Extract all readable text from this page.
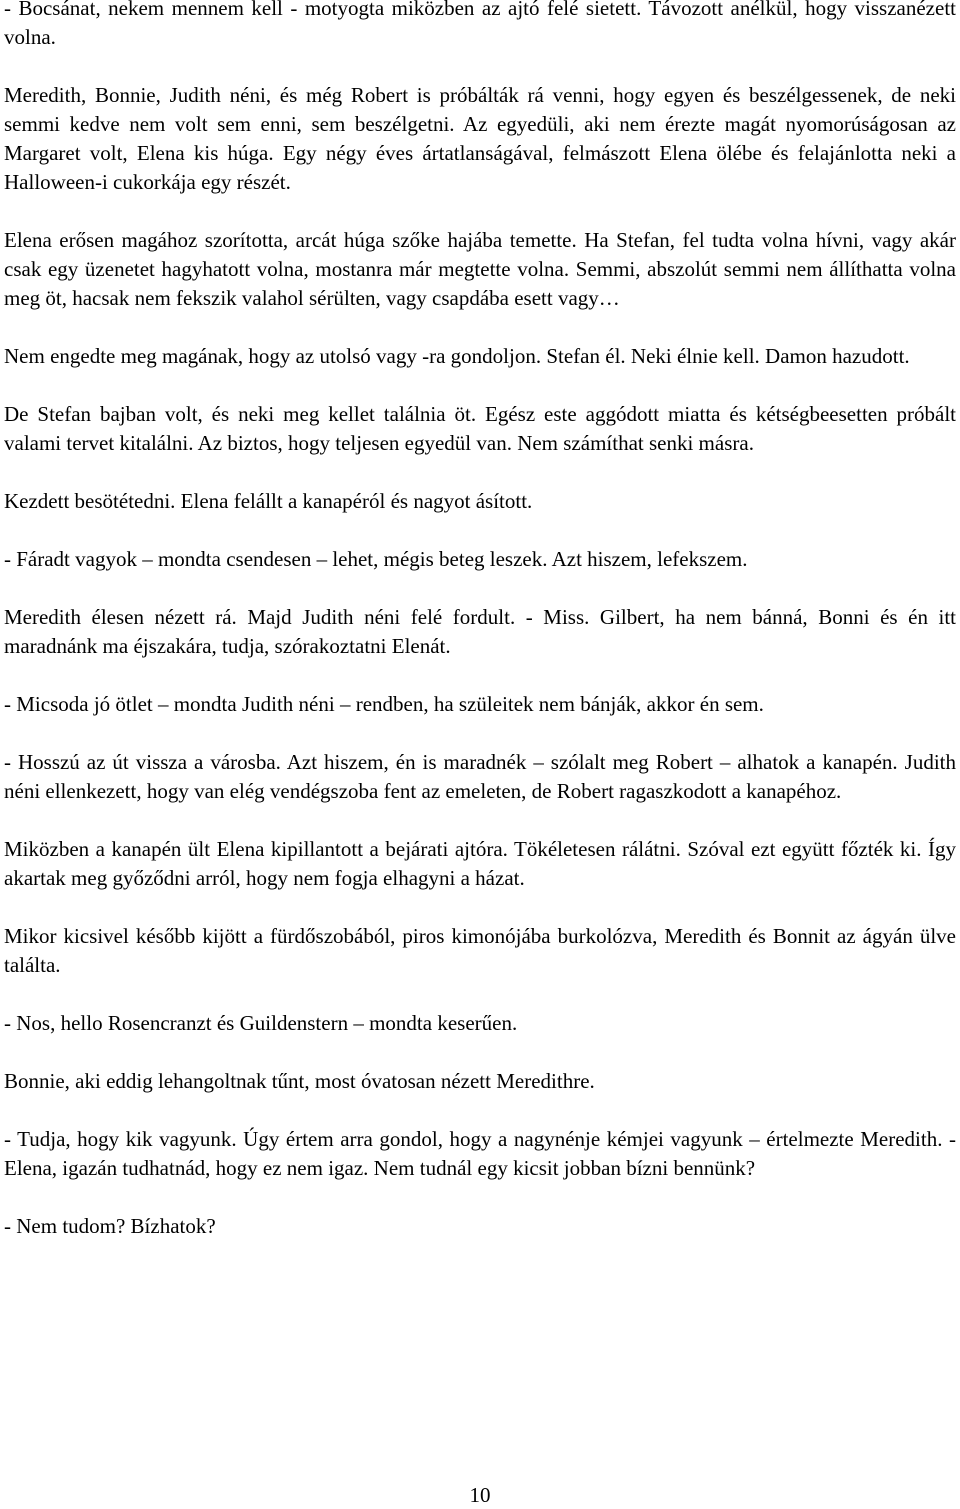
- Bocsánat, nekem mennem kell - motyogta miközben az ajtó felé sietett. Távozott anélkül, hogy visszanézett volna.

Meredith, Bonnie, Judith néni, és még Robert is próbálták rá venni, hogy egyen és beszélgessenek, de neki semmi kedve nem volt sem enni, sem beszélgetni. Az egyedüli, aki nem érezte magát nyomorúságosan az Margaret volt, Elena kis húga. Egy négy éves ártatlanságával, felmászott Elena ölébe és felajánlotta neki a Halloween-i cukorkája egy részét.

Elena erősen magához szorította, arcát húga szőke hajába temette. Ha Stefan, fel tudta volna hívni, vagy akár csak egy üzenetet hagyhatott volna, mostanra már megtette volna. Semmi, abszolút semmi nem állíthatta volna meg öt, hacsak nem fekszik valahol sérülten, vagy csapdába esett vagy…

Nem engedte meg magának, hogy az utolsó vagy -ra gondoljon. Stefan él. Neki élnie kell. Damon hazudott.

De Stefan bajban volt, és neki meg kellet találnia öt. Egész este aggódott miatta és kétségbeesetten próbált valami tervet kitalálni. Az biztos, hogy teljesen egyedül van. Nem számíthat senki másra.

Kezdett besötétedni. Elena felállt a kanapéról és nagyot ásított.

- Fáradt vagyok – mondta csendesen – lehet, mégis beteg leszek. Azt hiszem, lefekszem.

Meredith élesen nézett rá. Majd Judith néni felé fordult. - Miss. Gilbert, ha nem bánná, Bonni és én itt maradnánk ma éjszakára, tudja, szórakoztatni Elenát.

- Micsoda jó ötlet – mondta Judith néni – rendben, ha szüleitek nem bánják, akkor én sem.

- Hosszú az út vissza a városba. Azt hiszem, én is maradnék – szólalt meg Robert – alhatok a kanapén. Judith néni ellenkezett, hogy van elég vendégszoba fent az emeleten, de Robert ragaszkodott a kanapéhoz.

Miközben a kanapén ült Elena kipillantott a bejárati ajtóra. Tökéletesen rálátni. Szóval ezt együtt főzték ki. Így akartak meg győződni arról, hogy nem fogja elhagyni a házat.

Mikor kicsivel később kijött a fürdőszobából, piros kimonójába burkolózva, Meredith és Bonnit az ágyán ülve találta.

- Nos, hello Rosencranzt és Guildenstern – mondta keserűen.

Bonnie, aki eddig lehangoltnak tűnt, most óvatosan nézett Meredithre.

- Tudja, hogy kik vagyunk. Úgy értem arra gondol, hogy a nagynénje kémjei vagyunk – értelmezte Meredith. - Elena, igazán tudhatnád, hogy ez nem igaz. Nem tudnál egy kicsit jobban bízni bennünk?

- Nem tudom? Bízhatok?

10
